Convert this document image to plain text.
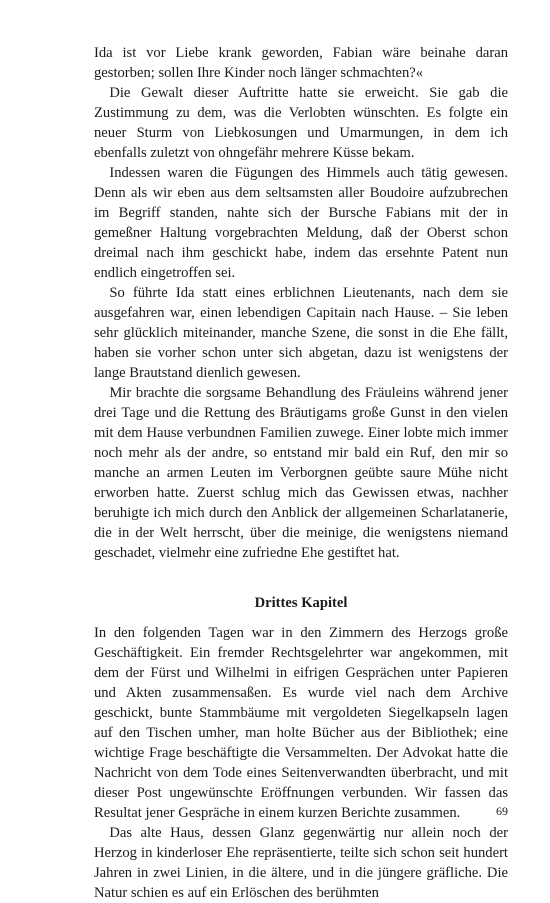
Ida ist vor Liebe krank geworden, Fabian wäre beinahe daran gestorben; sollen Ihre Kinder noch länger schmachten?«

Die Gewalt dieser Auftritte hatte sie erweicht. Sie gab die Zustimmung zu dem, was die Verlobten wünschten. Es folgte ein neuer Sturm von Liebkosungen und Umarmungen, in dem ich ebenfalls zuletzt von ohngefähr mehrere Küsse bekam.

Indessen waren die Fügungen des Himmels auch tätig gewesen. Denn als wir eben aus dem seltsamsten aller Boudoire aufzubrechen im Begriff standen, nahte sich der Bursche Fabians mit der in gemeßner Haltung vorgebrachten Meldung, daß der Oberst schon dreimal nach ihm geschickt habe, indem das ersehnte Patent nun endlich eingetroffen sei.

So führte Ida statt eines erblichnen Lieutenants, nach dem sie ausgefahren war, einen lebendigen Capitain nach Hause. – Sie leben sehr glücklich miteinander, manche Szene, die sonst in die Ehe fällt, haben sie vorher schon unter sich abgetan, dazu ist wenigstens der lange Brautstand dienlich gewesen.

Mir brachte die sorgsame Behandlung des Fräuleins während jener drei Tage und die Rettung des Bräutigams große Gunst in den vielen mit dem Hause verbundnen Familien zuwege. Einer lobte mich immer noch mehr als der andre, so entstand mir bald ein Ruf, den mir so manche an armen Leuten im Verborgnen geübte saure Mühe nicht erworben hatte. Zuerst schlug mich das Gewissen etwas, nachher beruhigte ich mich durch den Anblick der allgemeinen Scharlatanerie, die in der Welt herrscht, über die meinige, die wenigstens niemand geschadet, vielmehr eine zufriedne Ehe gestiftet hat.

Drittes Kapitel

In den folgenden Tagen war in den Zimmern des Herzogs große Geschäftigkeit. Ein fremder Rechtsgelehrter war angekommen, mit dem der Fürst und Wilhelmi in eifrigen Gesprächen unter Papieren und Akten zusammensaßen. Es wurde viel nach dem Archive geschickt, bunte Stammbäume mit vergoldeten Siegelkapseln lagen auf den Tischen umher, man holte Bücher aus der Bibliothek; eine wichtige Frage beschäftigte die Versammelten. Der Advokat hatte die Nachricht von dem Tode eines Seitenverwandten überbracht, und mit dieser Post ungewünschte Eröffnungen verbunden. Wir fassen das Resultat jener Gespräche in einem kurzen Berichte zusammen.

Das alte Haus, dessen Glanz gegenwärtig nur allein noch der Herzog in kinderloser Ehe repräsentierte, teilte sich schon seit hundert Jahren in zwei Linien, in die ältere, und in die jüngere gräfliche. Die Natur schien es auf ein Erlöschen des berühmten

69
